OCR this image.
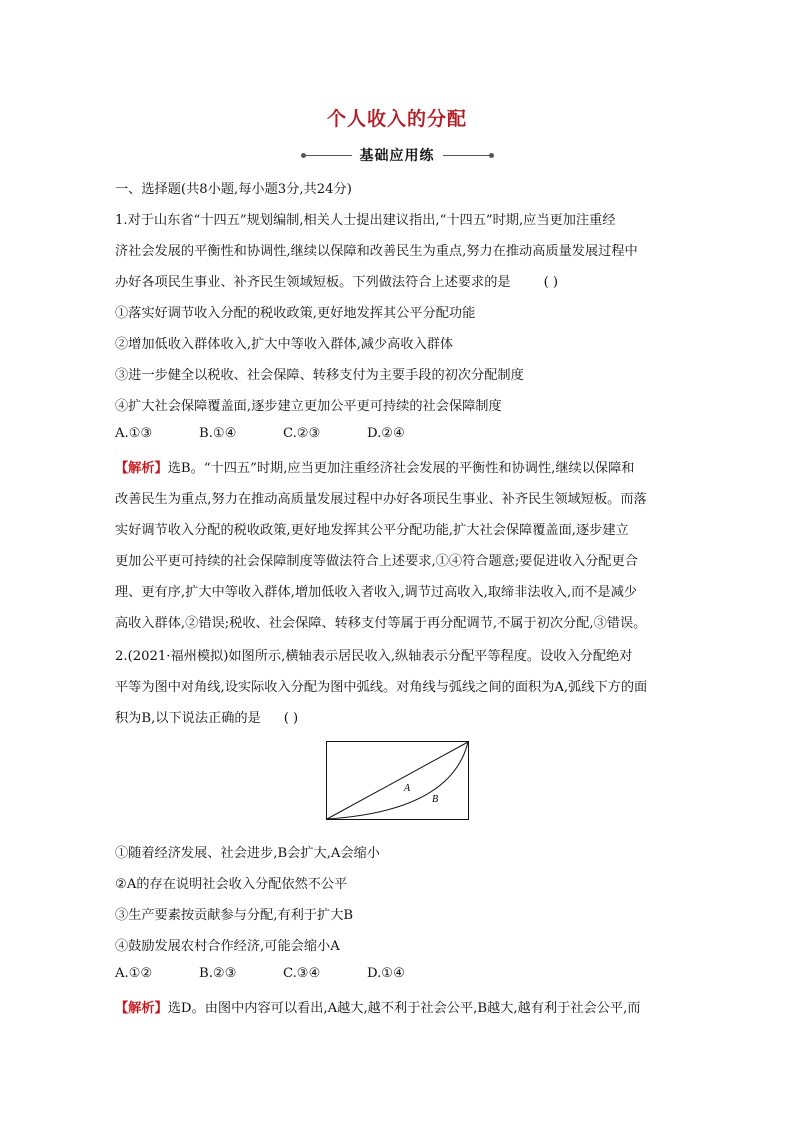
个人收入的分配
基础应用练
一、选择题(共8小题,每小题3分,共24分)
1.对于山东省“十四五”规划编制,相关人士提出建议指出,“十四五”时期,应当更加注重经
济社会发展的平衡性和协调性,继续以保障和改善民生为重点,努力在推动高质量发展过程中
办好各项民生事业、补齐民生领域短板。下列做法符合上述要求的是 ( )
①落实好调节收入分配的税收政策,更好地发挥其公平分配功能
②增加低收入群体收入,扩大中等收入群体,减少高收入群体
③进一步健全以税收、社会保障、转移支付为主要手段的初次分配制度
④扩大社会保障覆盖面,逐步建立更加公平更可持续的社会保障制度
A.①③	B.①④	C.②③	D.②④
【解析】选B。“十四五”时期,应当更加注重经济社会发展的平衡性和协调性,继续以保障和
改善民生为重点,努力在推动高质量发展过程中办好各项民生事业、补齐民生领域短板。而落
实好调节收入分配的税收政策,更好地发挥其公平分配功能,扩大社会保障覆盖面,逐步建立
更加公平更可持续的社会保障制度等做法符合上述要求,①④符合题意;要促进收入分配更合
理、更有序,扩大中等收入群体,增加低收入者收入,调节过高收入,取缔非法收入,而不是减少
高收入群体,②错误;税收、社会保障、转移支付等属于再分配调节,不属于初次分配,③错误。
2.(2021·福州模拟)如图所示,横轴表示居民收入,纵轴表示分配平等程度。设收入分配绝对
平等为图中对角线,设实际收入分配为图中弧线。对角线与弧线之间的面积为A,弧线下方的面
积为B,以下说法正确的是 ( )
A
B
①随着经济发展、社会进步,B会扩大,A会缩小
②A的存在说明社会收入分配依然不公平
③生产要素按贡献参与分配,有利于扩大B
④鼓励发展农村合作经济,可能会缩小A
A.①②	B.②③	C.③④	D.①④
【解析】选D。由图中内容可以看出,A越大,越不利于社会公平,B越大,越有利于社会公平,而
